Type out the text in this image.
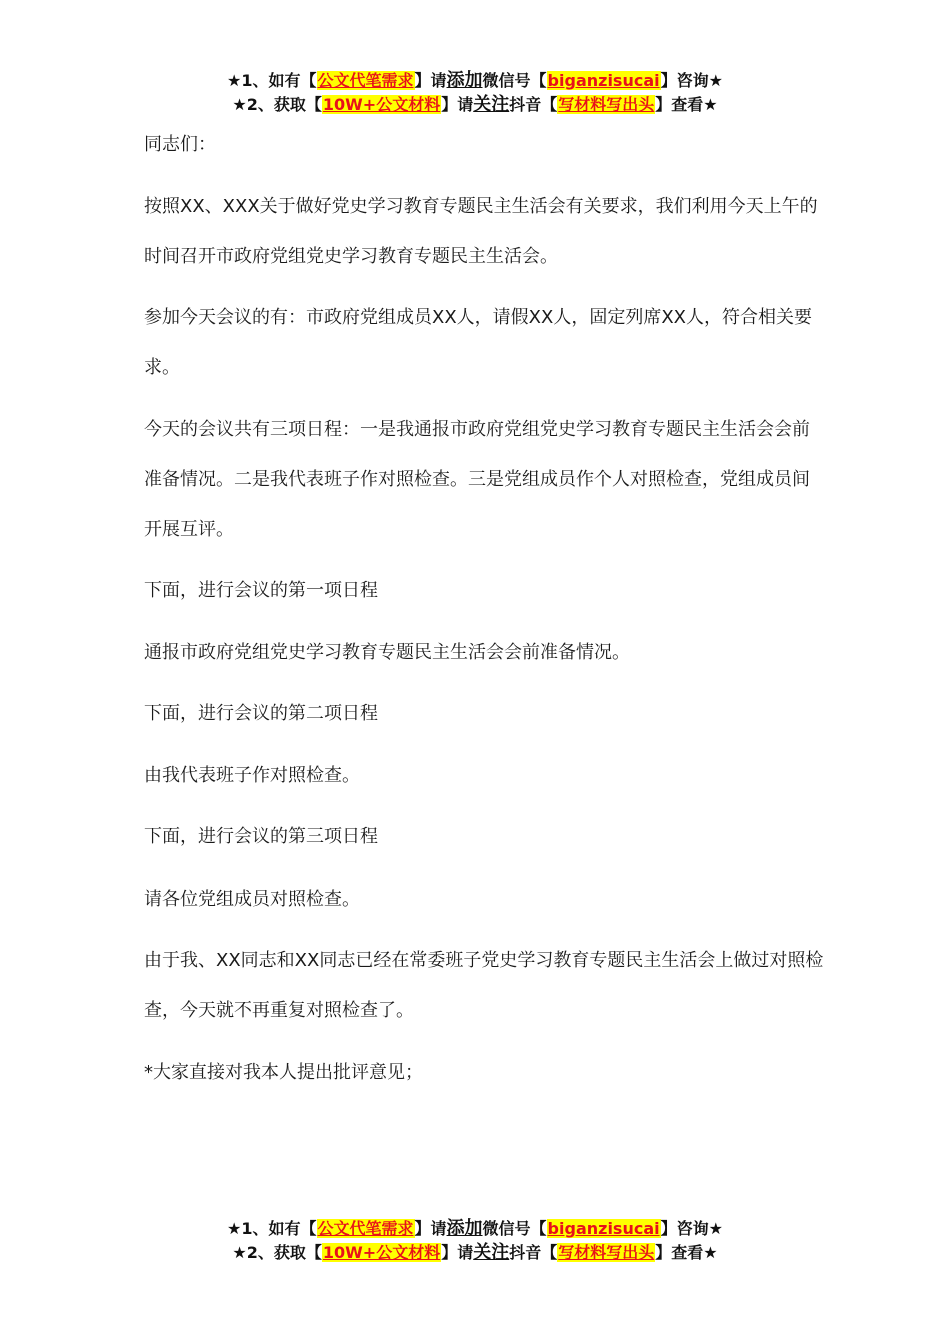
★1、如有【公文代笔需求】请添加微信号【biganzisucai】咨询★
★2、获取【10W+公文材料】请关注抖音【写材料写出头】查看★

同志们：

按照XX、XXX关于做好党史学习教育专题民主生活会有关要求，我们利用今天上午的时间召开市政府党组党史学习教育专题民主生活会。

参加今天会议的有：市政府党组成员XX人，请假XX人，固定列席XX人，符合相关要求。

今天的会议共有三项日程：一是我通报市政府党组党史学习教育专题民主生活会会前准备情况。二是我代表班子作对照检查。三是党组成员作个人对照检查，党组成员间开展互评。

下面，进行会议的第一项日程

通报市政府党组党史学习教育专题民主生活会会前准备情况。

下面，进行会议的第二项日程

由我代表班子作对照检查。

下面，进行会议的第三项日程

请各位党组成员对照检查。

由于我、XX同志和XX同志已经在常委班子党史学习教育专题民主生活会上做过对照检查，今天就不再重复对照检查了。

*大家直接对我本人提出批评意见；

★1、如有【公文代笔需求】请添加微信号【biganzisucai】咨询★
★2、获取【10W+公文材料】请关注抖音【写材料写出头】查看★
